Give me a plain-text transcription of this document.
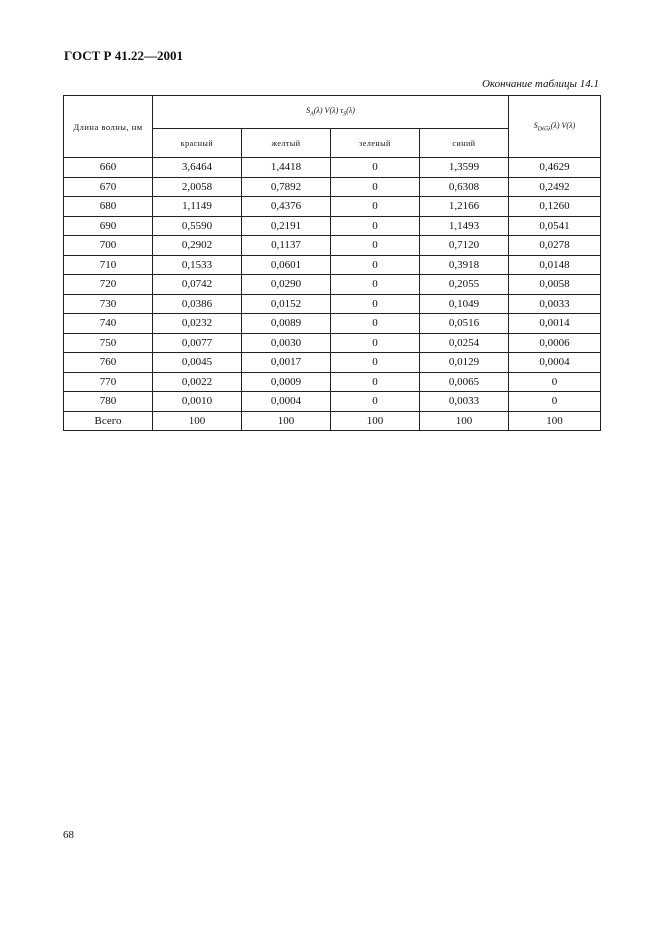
ГОСТ Р 41.22—2001
Окончание таблицы 14.1
Длина волны, нм	$S_A(\lambda)$ V(λ) $\tau_S(\lambda)$				$S_{D65\lambda}(\lambda)$ V(λ)
	красный	желтый	зеленый	синий	
660	3,6464	1,4418	0	1,3599	0,4629
670	2,0058	0,7892	0	0,6308	0,2492
680	1,1149	0,4376	0	1,2166	0,1260
690	0,5590	0,2191	0	1,1493	0,0541
700	0,2902	0,1137	0	0,7120	0,0278
710	0,1533	0,0601	0	0,3918	0,0148
720	0,0742	0,0290	0	0,2055	0,0058
730	0,0386	0,0152	0	0,1049	0,0033
740	0,0232	0,0089	0	0,0516	0,0014
750	0,0077	0,0030	0	0,0254	0,0006
760	0,0045	0,0017	0	0,0129	0,0004
770	0,0022	0,0009	0	0,0065	0
780	0,0010	0,0004	0	0,0033	0
Всего	100	100	100	100	100
68
